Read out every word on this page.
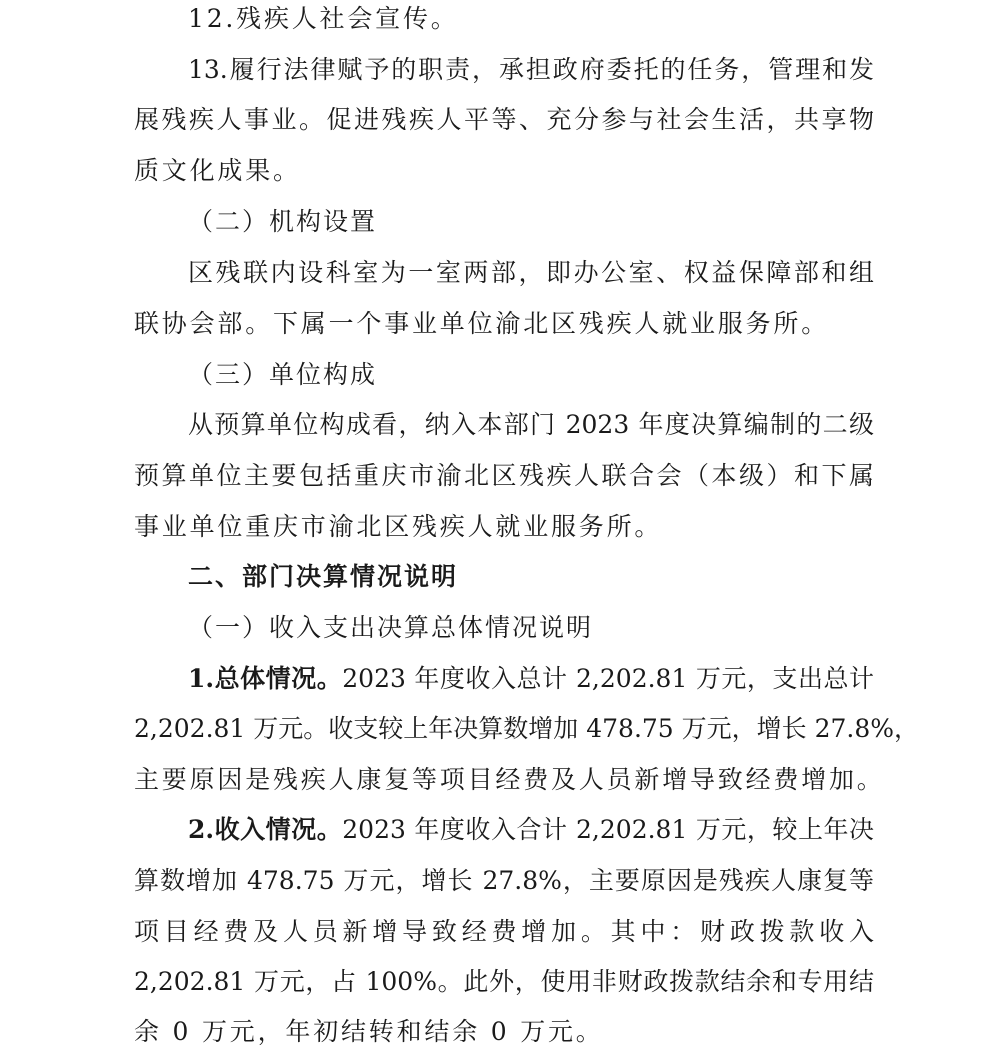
12.残疾人社会宣传。
13.履行法律赋予的职责，承担政府委托的任务，管理和发
展残疾人事业。促进残疾人平等、充分参与社会生活，共享物
质文化成果。
（二）机构设置
区残联内设科室为一室两部，即办公室、权益保障部和组
联协会部。下属一个事业单位渝北区残疾人就业服务所。
（三）单位构成
从预算单位构成看，纳入本部门 2023 年度决算编制的二级
预算单位主要包括重庆市渝北区残疾人联合会（本级）和下属
事业单位重庆市渝北区残疾人就业服务所。
二、部门决算情况说明
（一）收入支出决算总体情况说明
1.总体情况。2023 年度收入总计 2,202.81 万元，支出总计
2,202.81 万元。收支较上年决算数增加 478.75 万元，增长 27.8%，
主要原因是残疾人康复等项目经费及人员新增导致经费增加。
2.收入情况。2023 年度收入合计 2,202.81 万元，较上年决
算数增加 478.75 万元，增长 27.8%，主要原因是残疾人康复等
项目经费及人员新增导致经费增加。其中：财政拨款收入
2,202.81 万元，占 100%。此外，使用非财政拨款结余和专用结
余 0 万元，年初结转和结余 0 万元。
